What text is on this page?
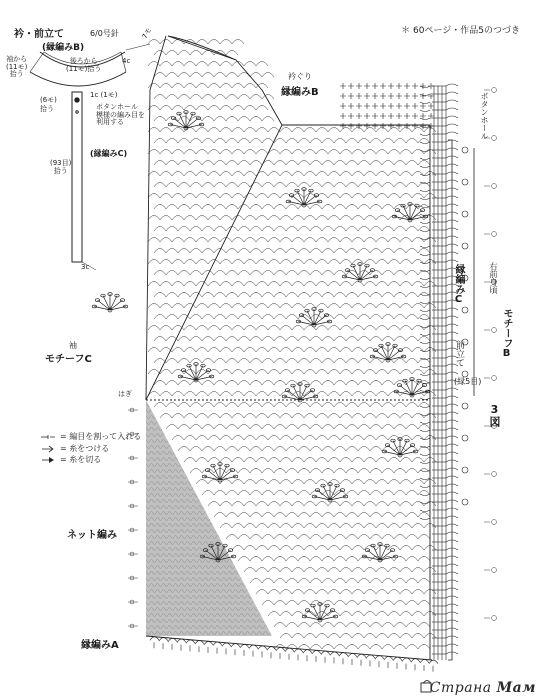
＊ 60ページ・作品5のつづき
衿・前立て	6/0号針
(縁編みB)
4c
7モ
袖から
(11モ)
拾う
後ろから
(11モ)拾う
(6モ)
拾う
1c (1モ)
ボタンホール
模様の編み目を
利用する
(縁編みC)
(93目)
拾う
3c
衿ぐり
縁編みB	ボタンホール
縁編みC
前立て
(縁5目)
右前身頃
モチーフB
3図
袖
モチーフC
はぎ
ネット編み
縁編みA
= 編目を割って入れる
= 糸をつける
= 糸を切る
Страна Мам
